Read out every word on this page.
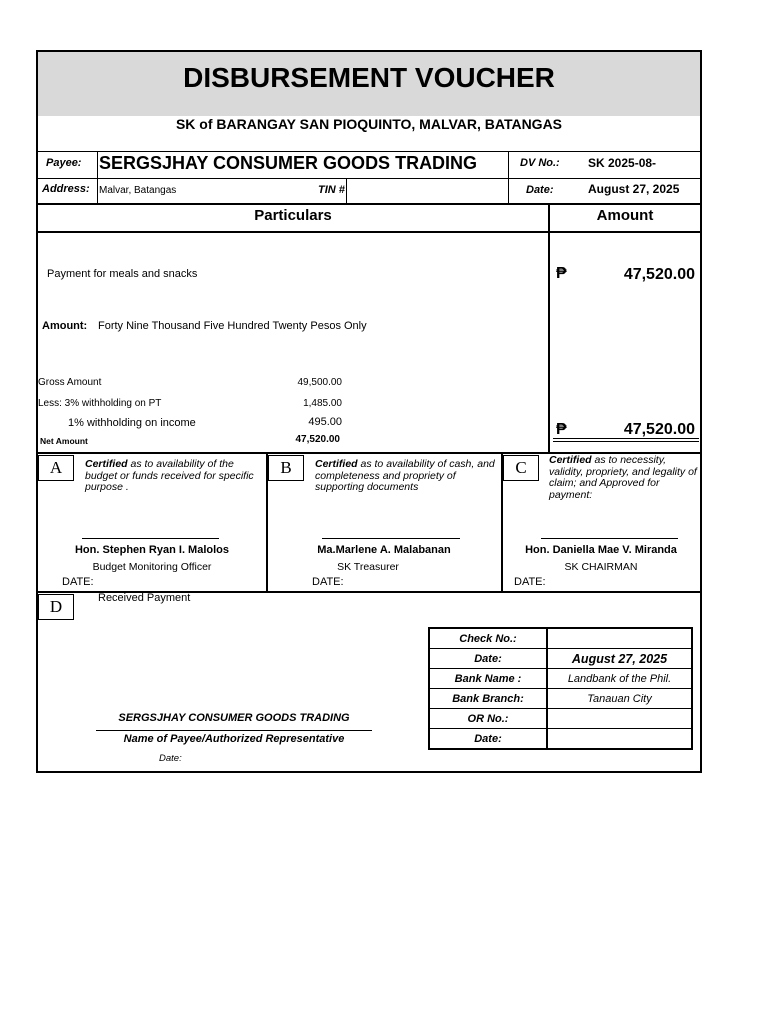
DISBURSEMENT VOUCHER
SK of BARANGAY SAN PIOQUINTO, MALVAR, BATANGAS
Payee: SERGSJHAY CONSUMER GOODS TRADING	DV No.: SK 2025-08-
Address: Malvar, Batangas	TIN #	Date:	August 27, 2025
Particulars	Amount
Payment for meals and snacks
Amount: Forty Nine Thousand Five Hundred Twenty Pesos Only
₱	47,520.00
Gross Amount	49,500.00
Less: 3% withholding on PT	1,485.00
1% withholding on income	495.00
Net Amount	47,520.00
₱	47,520.00
A	Certified as to availability of the budget or funds received for specific purpose .
Hon. Stephen Ryan I. Malolos
Budget Monitoring Officer
DATE:
B	Certified as to availability of cash, and completeness and propriety of supporting documents
Ma.Marlene A. Malabanan
SK Treasurer
DATE:
C	Certified as to necessity, validity, propriety, and legality of claim; and Approved for payment:
Hon. Daniella Mae V. Miranda
SK CHAIRMAN
DATE:
D	Received Payment
SERGSJHAY CONSUMER GOODS TRADING
Name of Payee/Authorized Representative
Date:
Check No.:	
Date:	August 27, 2025
Bank Name :	Landbank of the Phil.
Bank Branch:	Tanauan City
OR No.:	
Date:	
